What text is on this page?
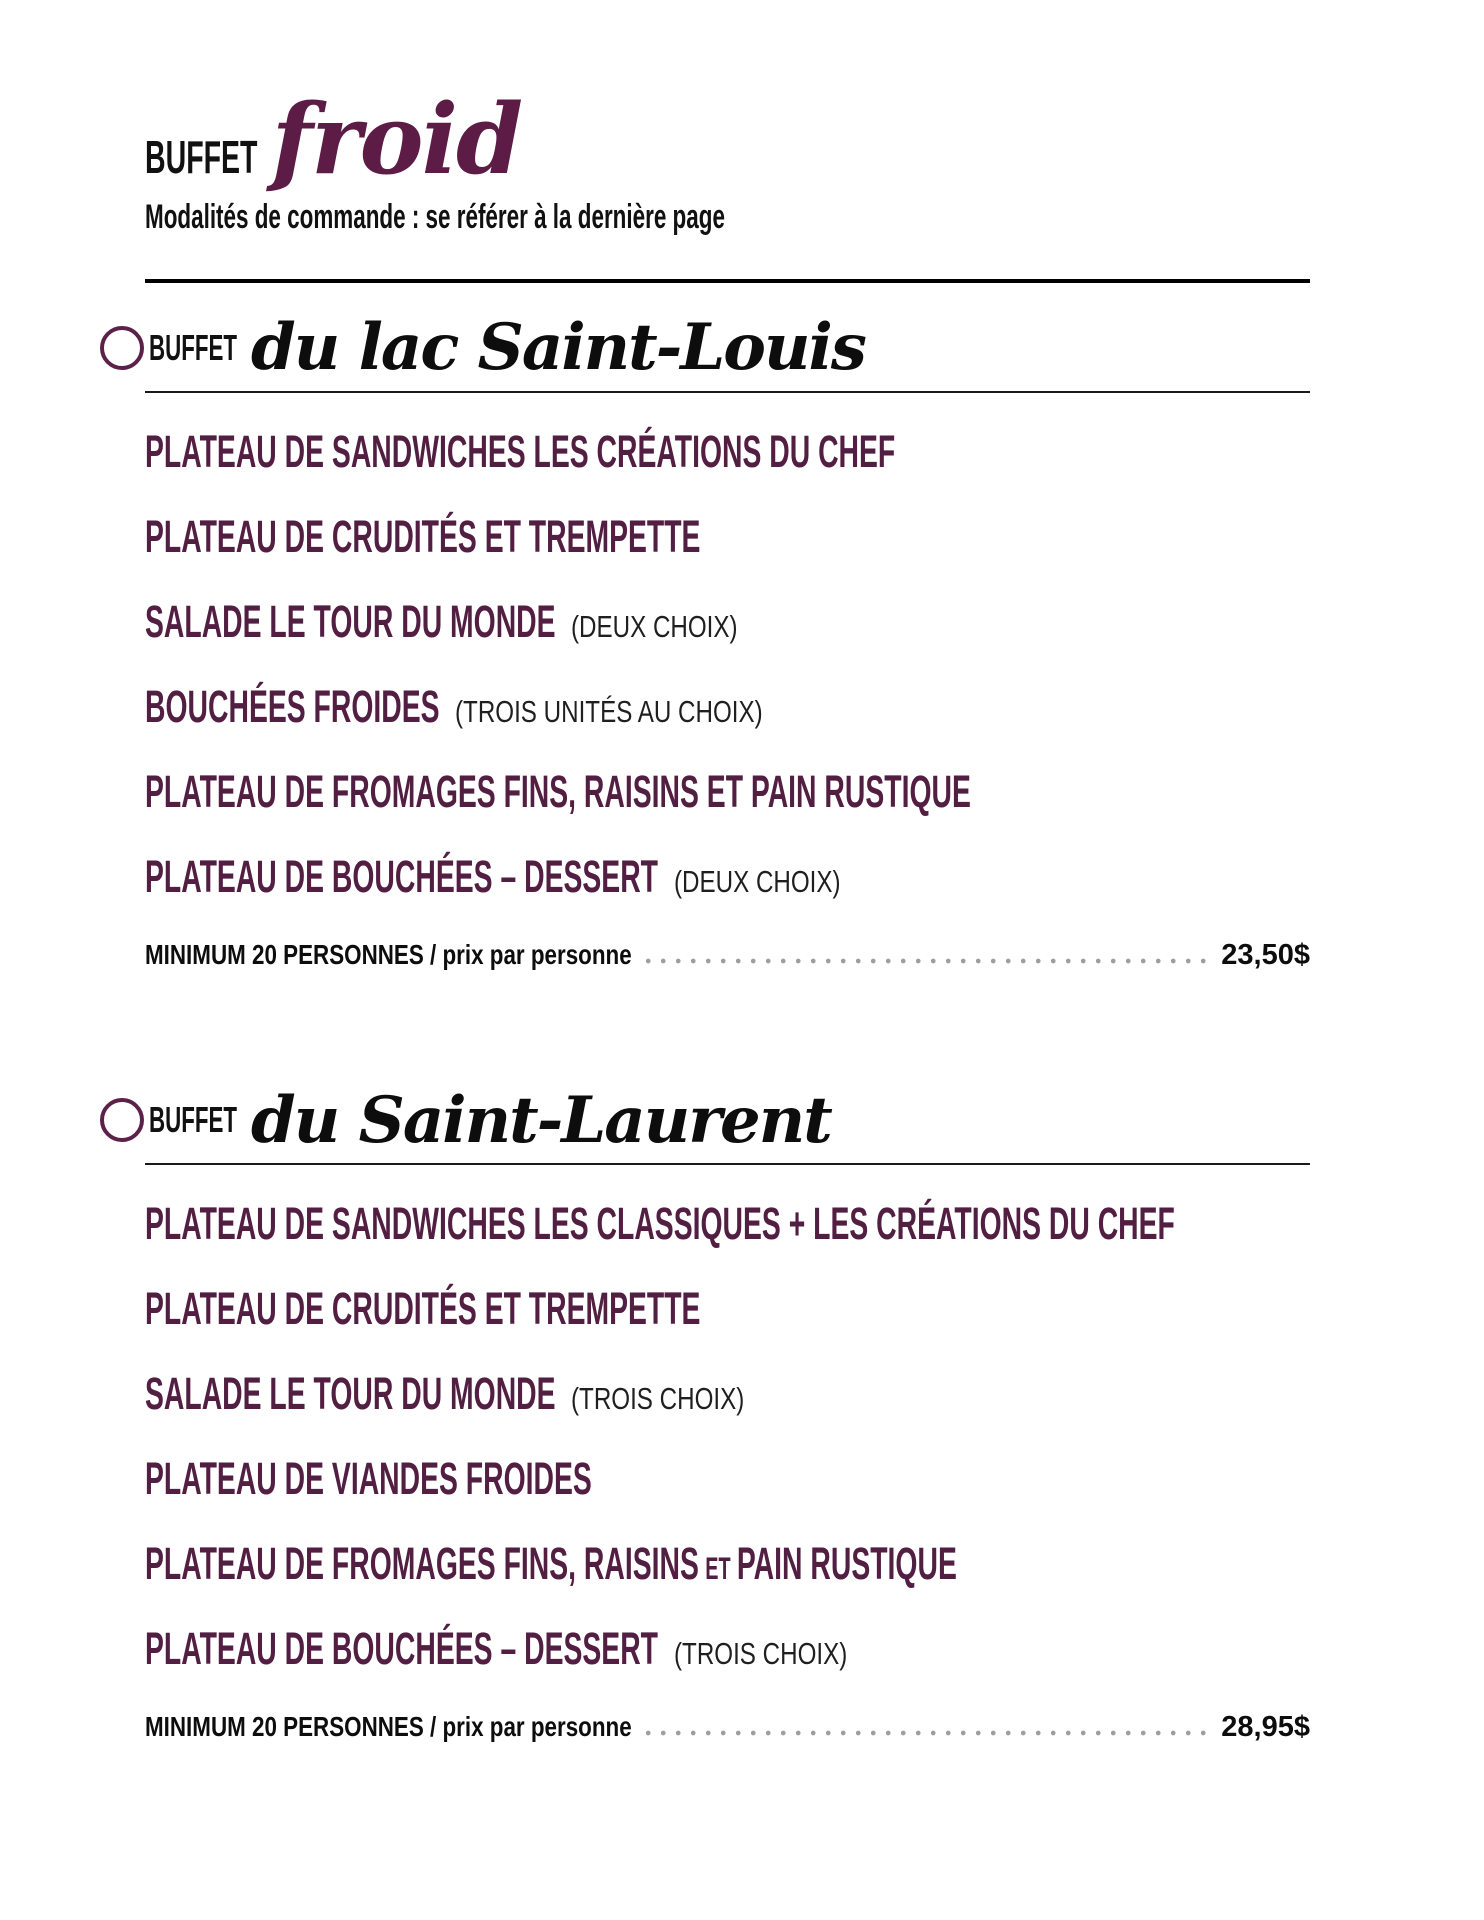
BUFFET froid
Modalités de commande : se référer à la dernière page
BUFFET du lac Saint-Louis
PLATEAU DE SANDWICHES LES CRÉATIONS DU CHEF
PLATEAU DE CRUDITÉS ET TREMPETTE
SALADE LE TOUR DU MONDE (DEUX CHOIX)
BOUCHÉES FROIDES (TROIS UNITÉS AU CHOIX)
PLATEAU DE FROMAGES FINS, RAISINS ET PAIN RUSTIQUE
PLATEAU DE BOUCHÉES – DESSERT (DEUX CHOIX)
MINIMUM 20 PERSONNES / prix par personne	23,50$
BUFFET du Saint-Laurent
PLATEAU DE SANDWICHES LES CLASSIQUES + LES CRÉATIONS DU CHEF
PLATEAU DE CRUDITÉS ET TREMPETTE
SALADE LE TOUR DU MONDE (TROIS CHOIX)
PLATEAU DE VIANDES FROIDES
PLATEAU DE FROMAGES FINS, RAISINS ET PAIN RUSTIQUE
PLATEAU DE BOUCHÉES – DESSERT (TROIS CHOIX)
MINIMUM 20 PERSONNES / prix par personne	28,95$
